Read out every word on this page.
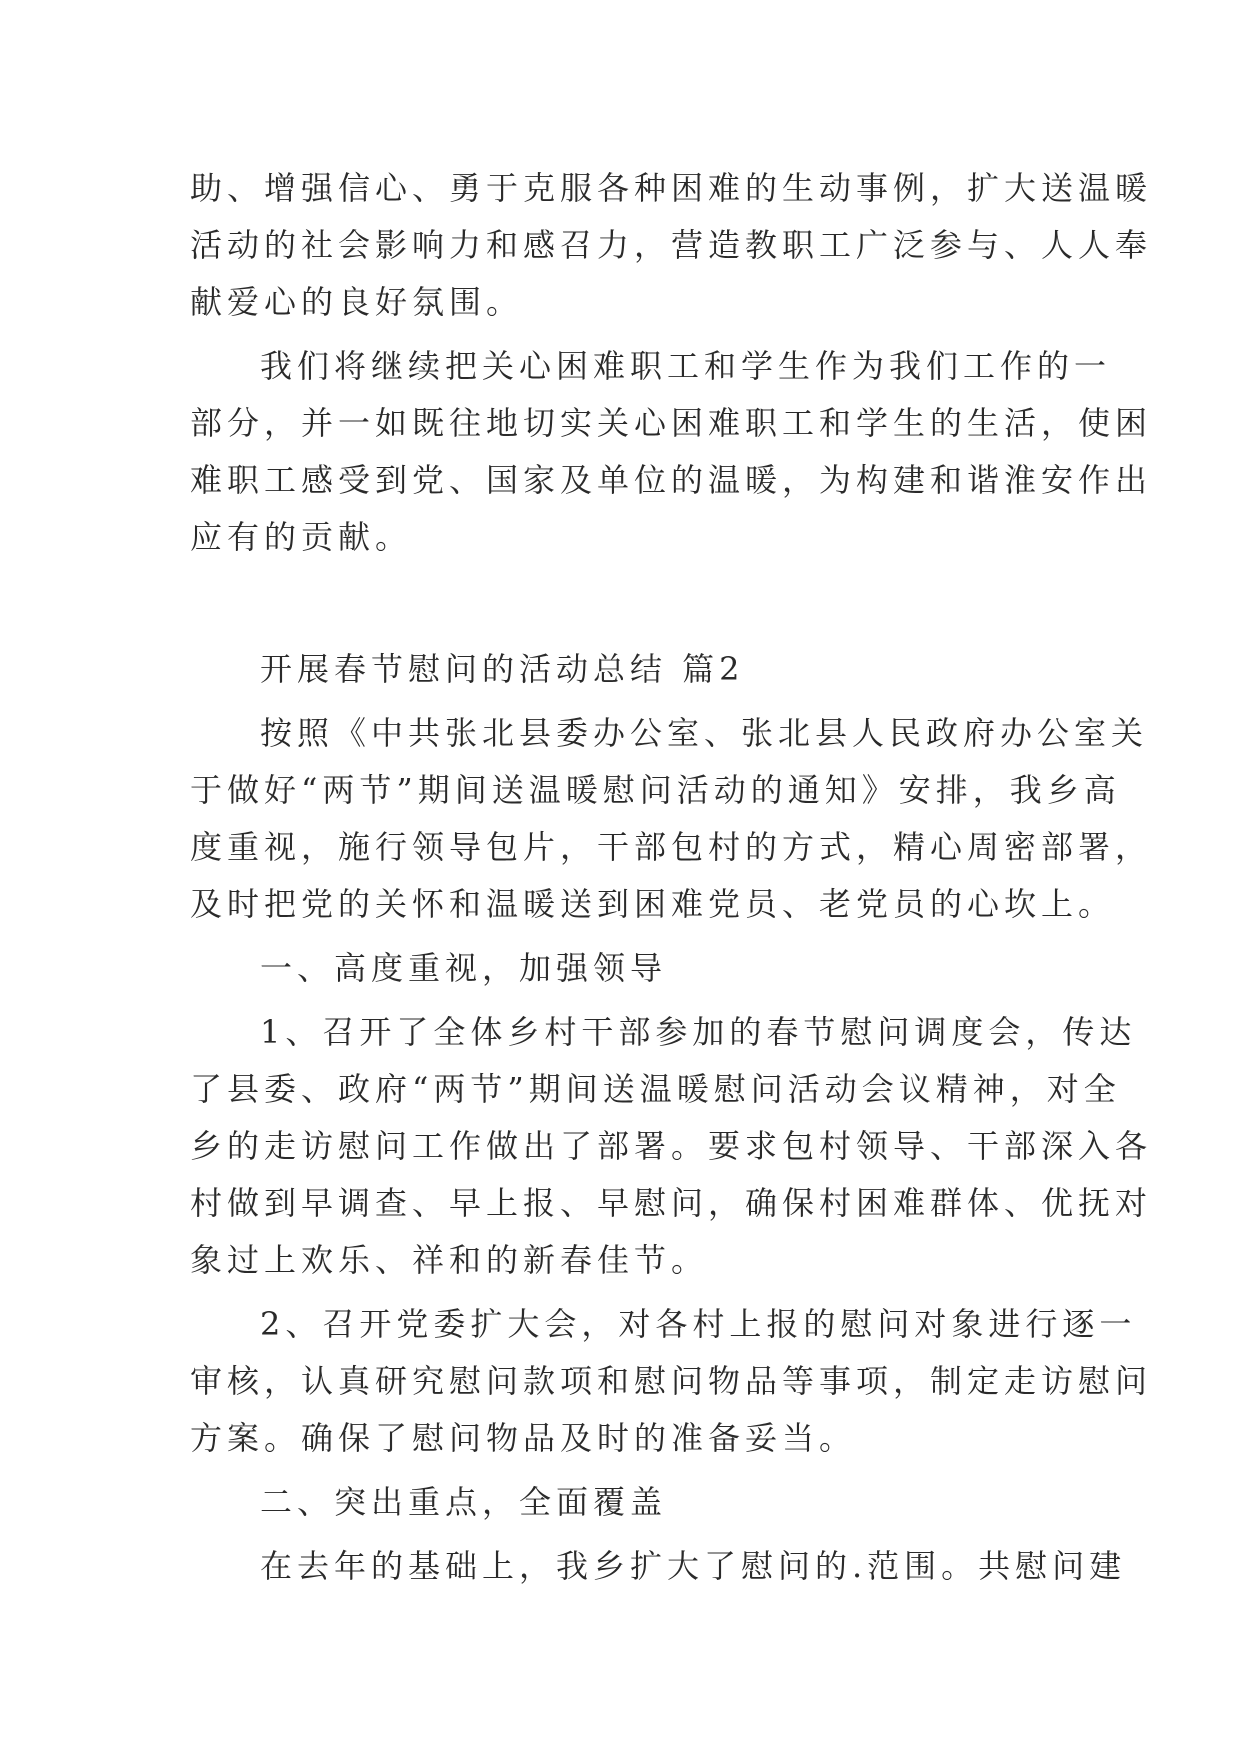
助、增强信心、勇于克服各种困难的生动事例，扩大送温暖
活动的社会影响力和感召力，营造教职工广泛参与、人人奉
献爱心的良好氛围。
我们将继续把关心困难职工和学生作为我们工作的一
部分，并一如既往地切实关心困难职工和学生的生活，使困
难职工感受到党、国家及单位的温暖，为构建和谐淮安作出
应有的贡献。
开展春节慰问的活动总结 篇2
按照《中共张北县委办公室、张北县人民政府办公室关
于做好“两节”期间送温暖慰问活动的通知》安排，我乡高
度重视，施行领导包片，干部包村的方式，精心周密部署，
及时把党的关怀和温暖送到困难党员、老党员的心坎上。
一、高度重视，加强领导
1、召开了全体乡村干部参加的春节慰问调度会，传达
了县委、政府“两节”期间送温暖慰问活动会议精神，对全
乡的走访慰问工作做出了部署。要求包村领导、干部深入各
村做到早调查、早上报、早慰问，确保村困难群体、优抚对
象过上欢乐、祥和的新春佳节。
2、召开党委扩大会，对各村上报的慰问对象进行逐一
审核，认真研究慰问款项和慰问物品等事项，制定走访慰问
方案。确保了慰问物品及时的准备妥当。
二、突出重点，全面覆盖
在去年的基础上，我乡扩大了慰问的.范围。共慰问建
